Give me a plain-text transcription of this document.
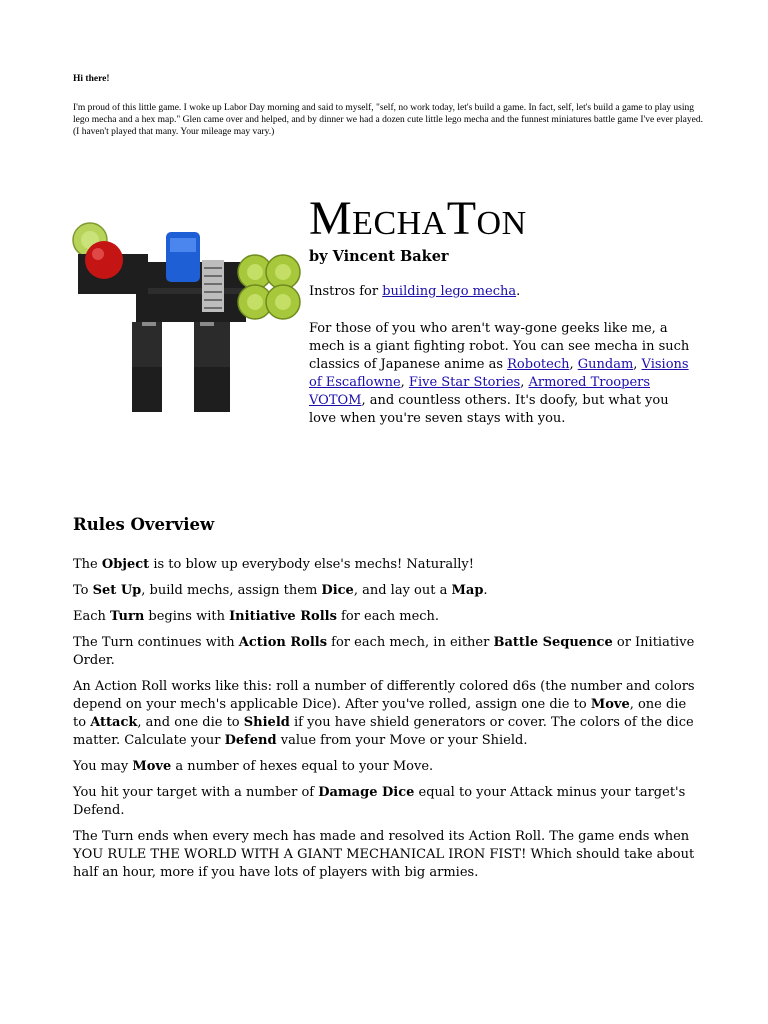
Hi there!
I'm proud of this little game. I woke up Labor Day morning and said to myself, "self, no work today, let's build a game. In fact, self, let's build a game to play using lego mecha and a hex map." Glen came over and helped, and by dinner we had a dozen cute little lego mecha and the funnest miniatures battle game I've ever played. (I haven't played that many. Your mileage may vary.)
MechaTon
by Vincent Baker
Instros for building lego mecha.
For those of you who aren't way-gone geeks like me, a mech is a giant fighting robot. You can see mecha in such classics of Japanese anime as Robotech, Gundam, Visions of Escaflowne, Five Star Stories, Armored Troopers VOTOM, and countless others. It's doofy, but what you love when you're seven stays with you.
Rules Overview

The Object is to blow up everybody else's mechs! Naturally!

To Set Up, build mechs, assign them Dice, and lay out a Map.

Each Turn begins with Initiative Rolls for each mech.

The Turn continues with Action Rolls for each mech, in either Battle Sequence or Initiative Order.

An Action Roll works like this: roll a number of differently colored d6s (the number and colors depend on your mech's applicable Dice). After you've rolled, assign one die to Move, one die to Attack, and one die to Shield if you have shield generators or cover. The colors of the dice matter. Calculate your Defend value from your Move or your Shield.

You may Move a number of hexes equal to your Move.

You hit your target with a number of Damage Dice equal to your Attack minus your target's Defend.

The Turn ends when every mech has made and resolved its Action Roll. The game ends when YOU RULE THE WORLD WITH A GIANT MECHANICAL IRON FIST! Which should take about half an hour, more if you have lots of players with big armies.
